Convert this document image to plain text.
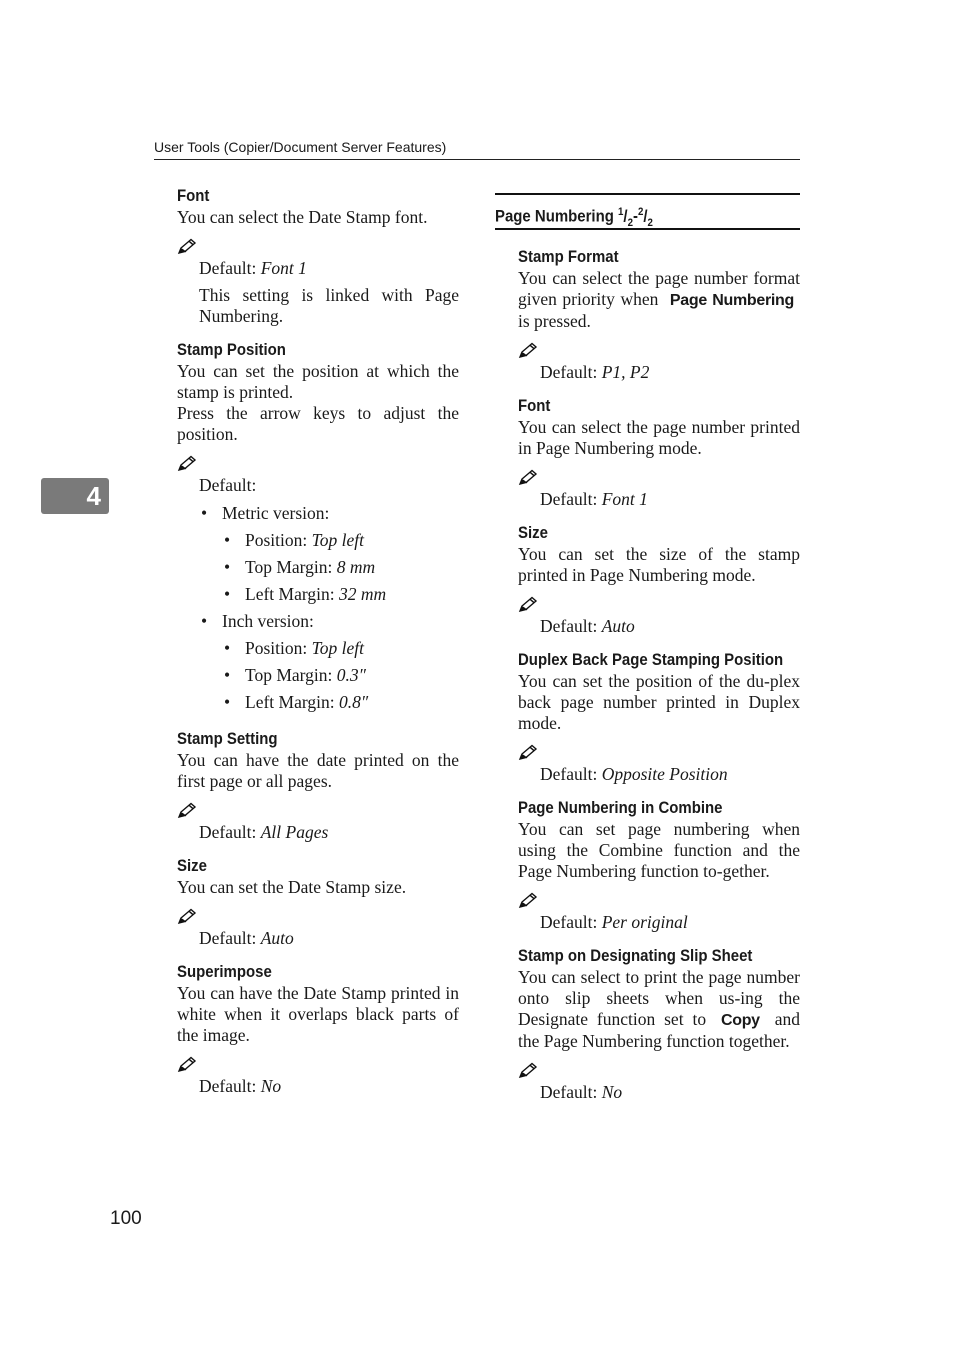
User Tools (Copier/Document Server Features)
4
Font

You can select the Date Stamp font.

Default: Font 1
This setting is linked with Page Numbering.
Stamp Position

You can set the position at which the stamp is printed.

Press the arrow keys to adjust the position.

Default:
• Metric version:
• Position: Top left
• Top Margin: 8 mm
• Left Margin: 32 mm
• Inch version:
• Position: Top left
• Top Margin: 0.3″
• Left Margin: 0.8″
Stamp Setting

You can have the date printed on the first page or all pages.

Default: All Pages
Size

You can set the Date Stamp size.

Default: Auto
Superimpose

You can have the Date Stamp printed in white when it overlaps black parts of the image.

Default: No
Page Numbering $^1/_2-^2/_2$
Stamp Format

You can select the page number format given priority when Page Numbering is pressed.

Default: P1, P2
Font

You can select the page number printed in Page Numbering mode.

Default: Font 1
Size

You can set the size of the stamp printed in Page Numbering mode.

Default: Auto
Duplex Back Page Stamping Position

You can set the position of the du-plex back page number printed in Duplex mode.

Default: Opposite Position
Page Numbering in Combine

You can set page numbering when using the Combine function and the Page Numbering function to-gether.

Default: Per original
Stamp on Designating Slip Sheet

You can select to print the page number onto slip sheets when us-ing the Designate function set to Copy and the Page Numbering function together.

Default: No
100
